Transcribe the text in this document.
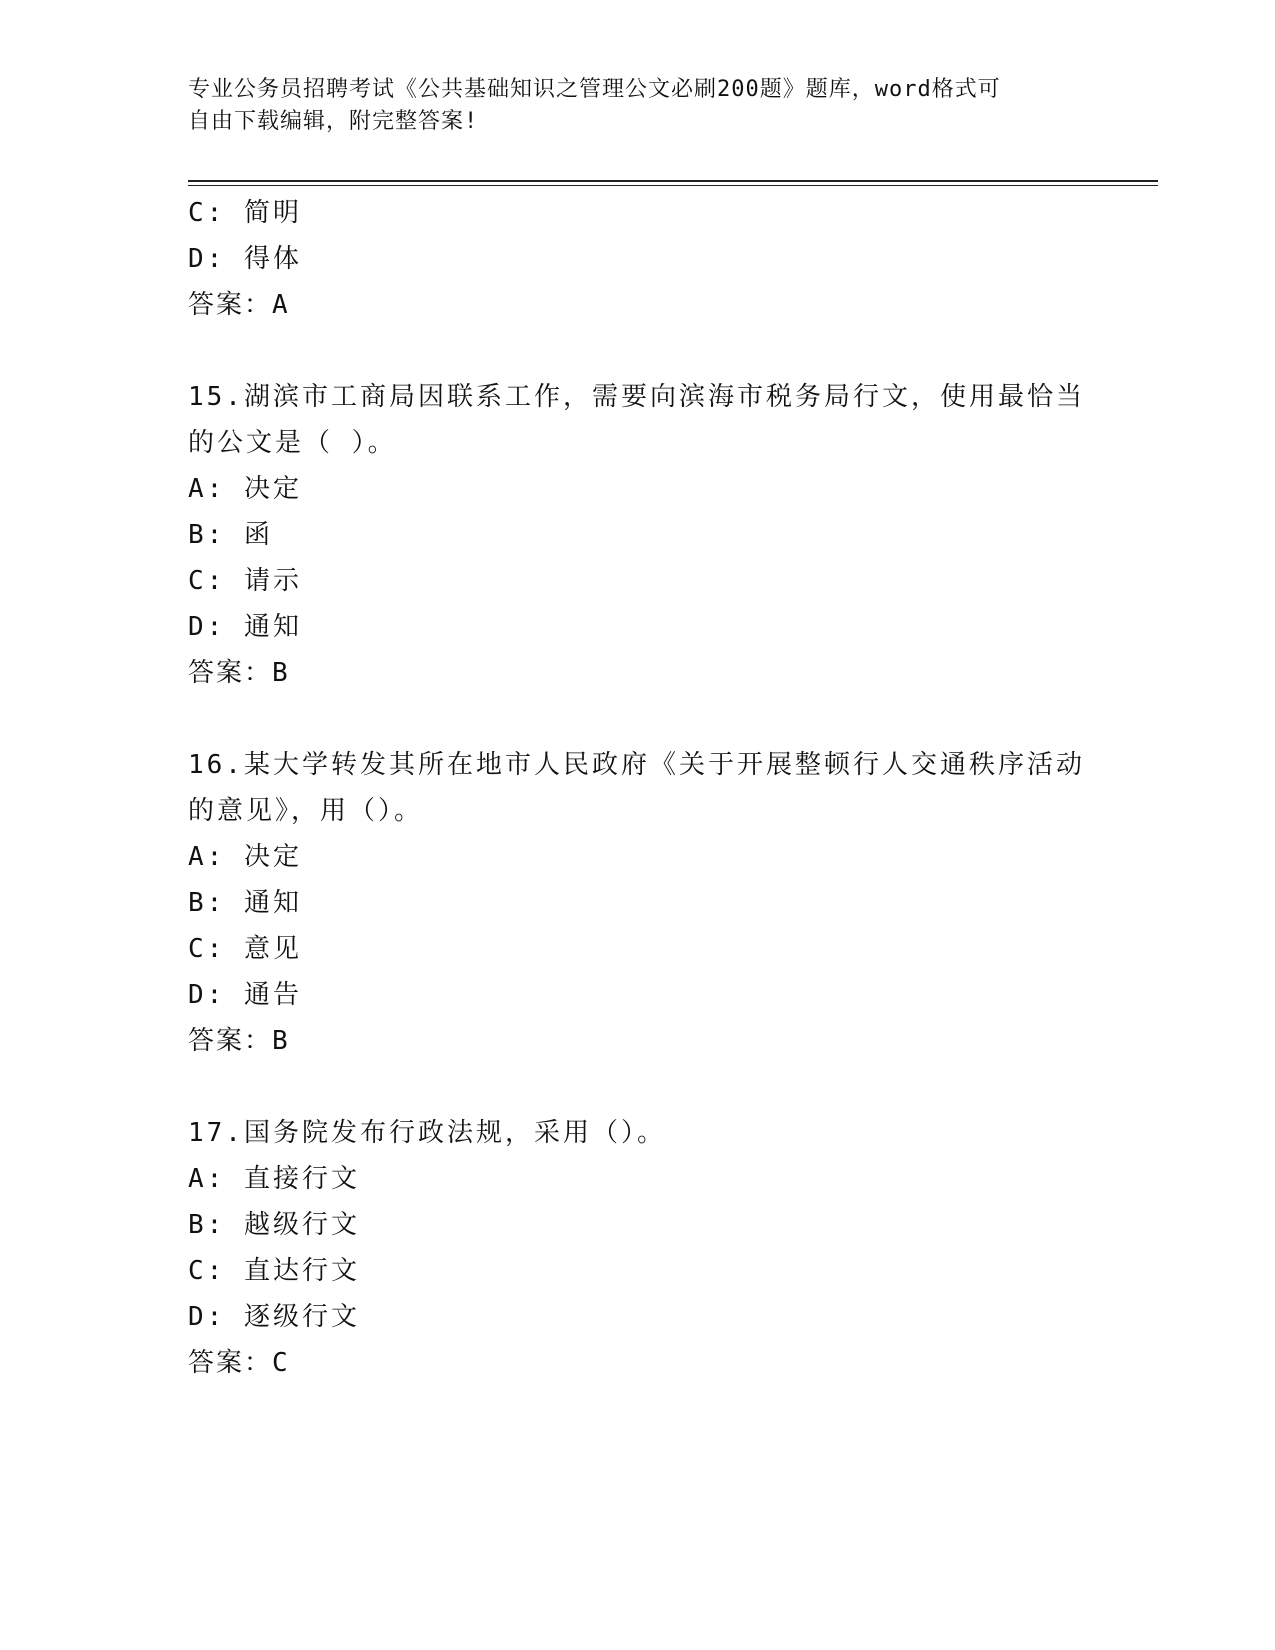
专业公务员招聘考试《公共基础知识之管理公文必刷200题》题库，word格式可
自由下载编辑，附完整答案!
C: 简明
D: 得体
答案：A
15.湖滨市工商局因联系工作，需要向滨海市税务局行文，使用最恰当
的公文是（ ）。
A: 决定
B: 函
C: 请示
D: 通知
答案：B
16.某大学转发其所在地市人民政府《关于开展整顿行人交通秩序活动
的意见》，用（）。
A: 决定
B: 通知
C: 意见
D: 通告
答案：B
17.国务院发布行政法规，采用（）。
A: 直接行文
B: 越级行文
C: 直达行文
D: 逐级行文
答案：C
